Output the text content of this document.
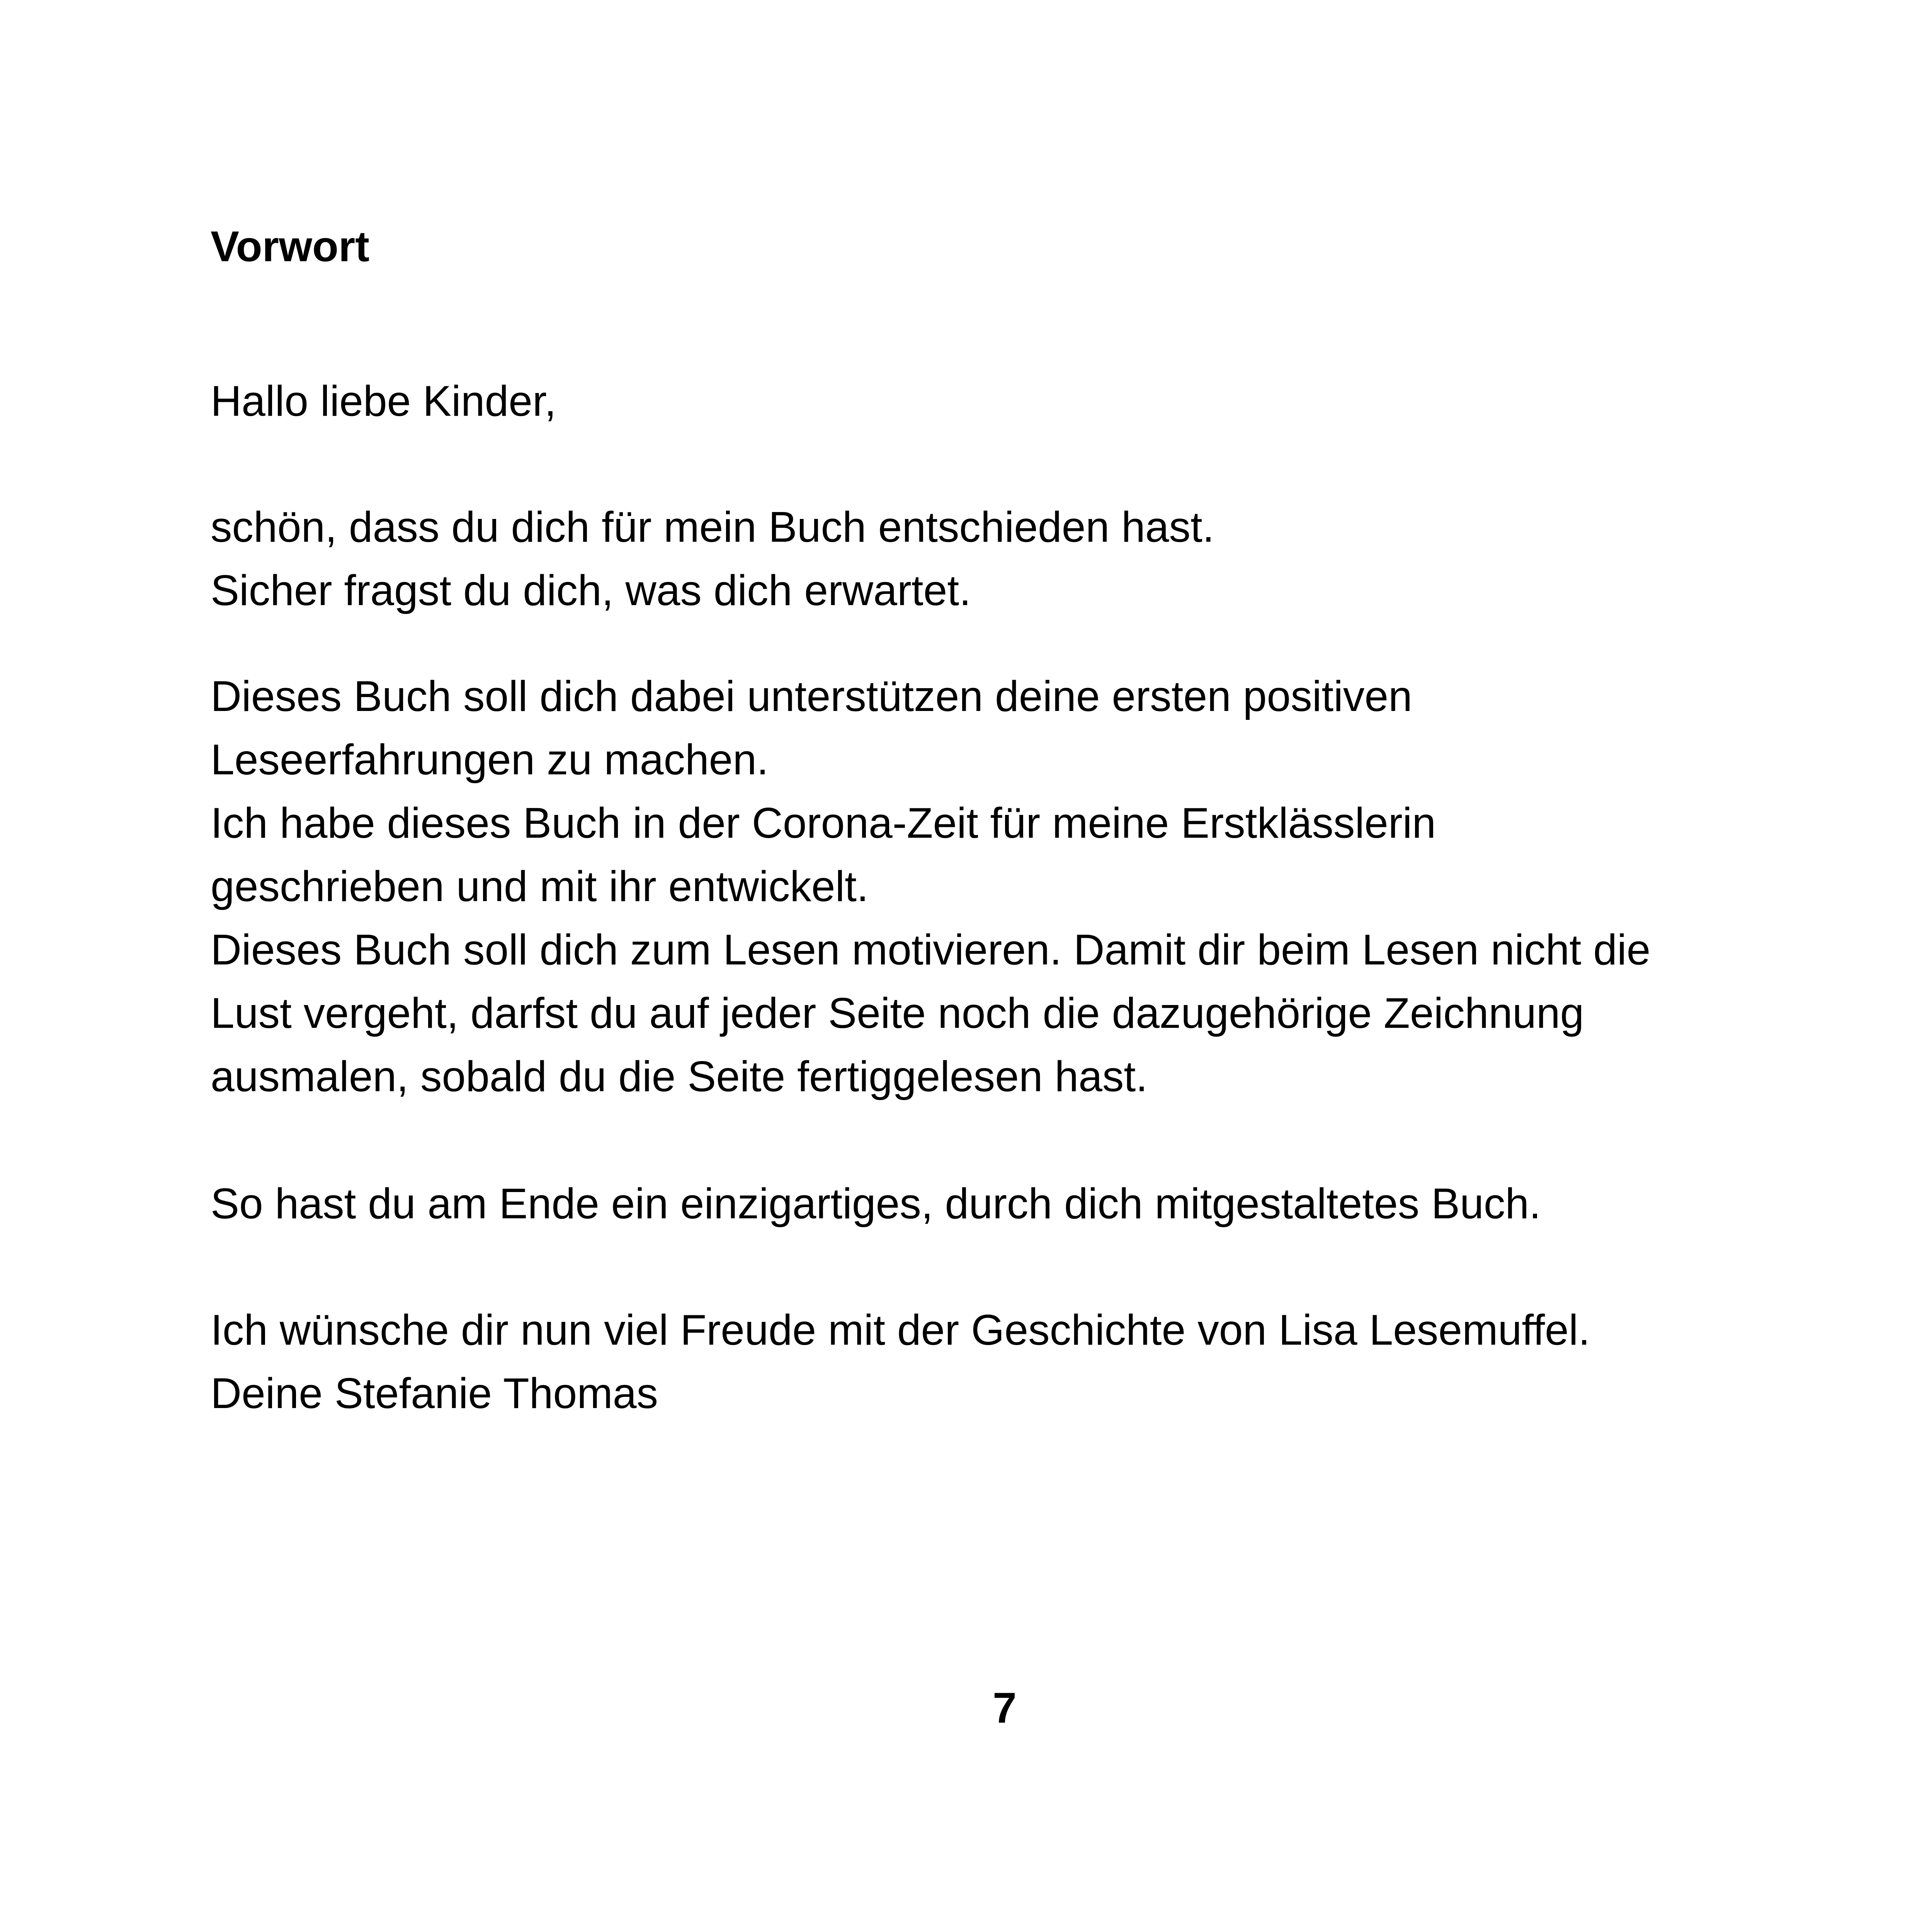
Vorwort
Hallo liebe Kinder,
schön, dass du dich für mein Buch entschieden hast.
Sicher fragst du dich, was dich erwartet.
Dieses Buch soll dich dabei unterstützen deine ersten positiven
Leseerfahrungen zu machen.
Ich habe dieses Buch in der Corona-Zeit für meine Erstklässlerin
geschrieben und mit ihr entwickelt.
Dieses Buch soll dich zum Lesen motivieren. Damit dir beim Lesen nicht die
Lust vergeht, darfst du auf jeder Seite noch die dazugehörige Zeichnung
ausmalen, sobald du die Seite fertiggelesen hast.
So hast du am Ende ein einzigartiges, durch dich mitgestaltetes Buch.
Ich wünsche dir nun viel Freude mit der Geschichte von Lisa Lesemuffel.
Deine Stefanie Thomas
7
